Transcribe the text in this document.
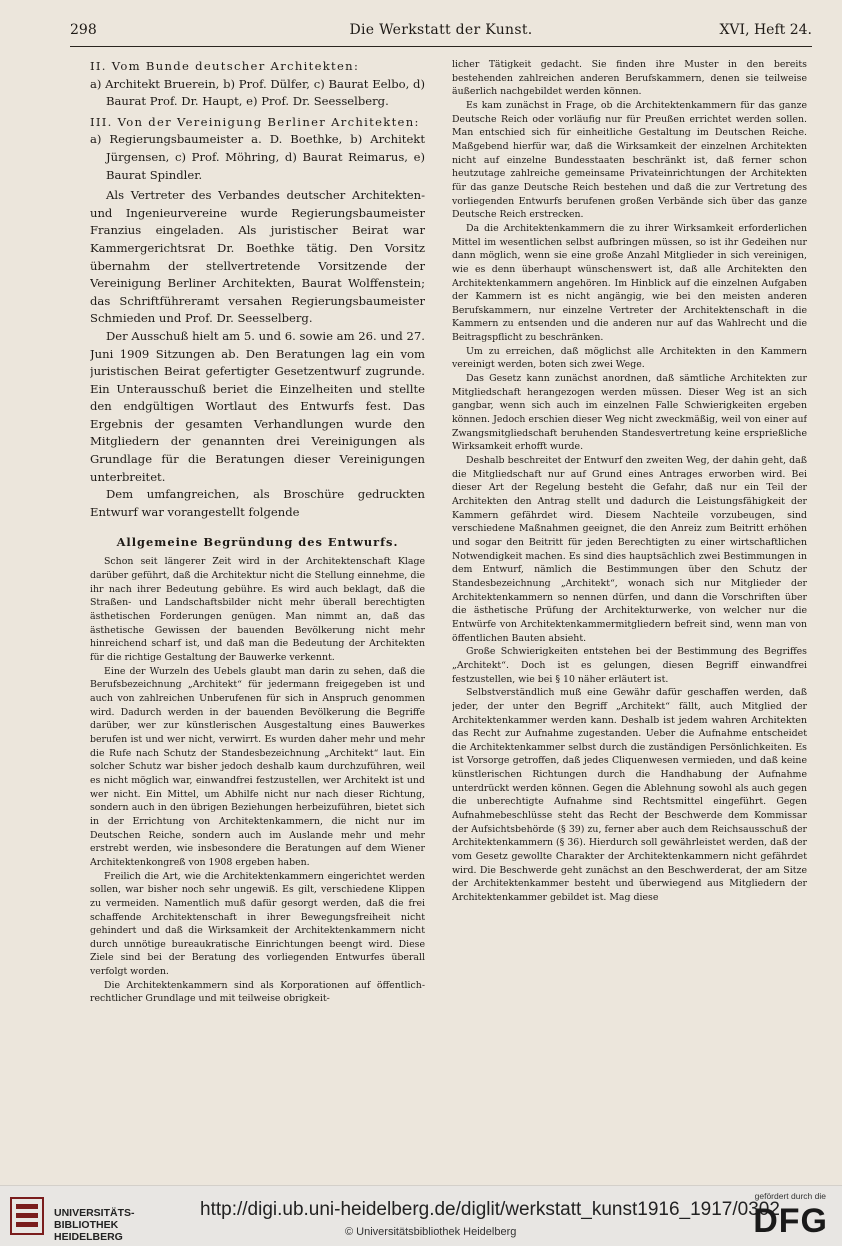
298	Die Werkstatt der Kunst.	XVI, Heft 24.

II. Vom Bunde deutscher Architekten:

a) Architekt Bruerein, b) Prof. Dülfer, c) Baurat Eelbo, d) Baurat Prof. Dr. Haupt, e) Prof. Dr. Seesselberg.

III. Von der Vereinigung Berliner Architekten:

a) Regierungsbaumeister a. D. Boethke, b) Architekt Jürgensen, c) Prof. Möhring, d) Baurat Reimarus, e) Baurat Spindler.

Als Vertreter des Verbandes deutscher Architekten- und Ingenieurvereine wurde Regierungsbaumeister Franzius eingeladen. Als juristischer Beirat war Kammergerichtsrat Dr. Boethke tätig. Den Vorsitz übernahm der stellvertretende Vorsitzende der Vereinigung Berliner Architekten, Baurat Wolffenstein; das Schriftführeramt versahen Regierungsbaumeister Schmieden und Prof. Dr. Seesselberg.

Der Ausschuß hielt am 5. und 6. sowie am 26. und 27. Juni 1909 Sitzungen ab. Den Beratungen lag ein vom juristischen Beirat gefertigter Gesetzentwurf zugrunde. Ein Unterausschuß beriet die Einzelheiten und stellte den endgültigen Wortlaut des Entwurfs fest. Das Ergebnis der gesamten Verhandlungen wurde den Mitgliedern der genannten drei Vereinigungen als Grundlage für die Beratungen dieser Vereinigungen unterbreitet.

Dem umfangreichen, als Broschüre gedruckten Entwurf war vorangestellt folgende

Allgemeine Begründung des Entwurfs.

Schon seit längerer Zeit wird in der Architektenschaft Klage darüber geführt, daß die Architektur nicht die Stellung einnehme, die ihr nach ihrer Bedeutung gebühre. Es wird auch beklagt, daß die Straßen- und Landschaftsbilder nicht mehr überall berechtigten ästhetischen Forderungen genügen. Man nimmt an, daß das ästhetische Gewissen der bauenden Bevölkerung nicht mehr hinreichend scharf ist, und daß man die Bedeutung der Architekten für die richtige Gestaltung der Bauwerke verkennt.

Eine der Wurzeln des Uebels glaubt man darin zu sehen, daß die Berufsbezeichnung „Architekt“ für jedermann freigegeben ist und auch von zahlreichen Unberufenen für sich in Anspruch genommen wird. Dadurch werden in der bauenden Bevölkerung die Begriffe darüber, wer zur künstlerischen Ausgestaltung eines Bauwerkes berufen ist und wer nicht, verwirrt. Es wurden daher mehr und mehr die Rufe nach Schutz der Standesbezeichnung „Architekt“ laut. Ein solcher Schutz war bisher jedoch deshalb kaum durchzuführen, weil es nicht möglich war, einwandfrei festzustellen, wer Architekt ist und wer nicht. Ein Mittel, um Abhilfe nicht nur nach dieser Richtung, sondern auch in den übrigen Beziehungen herbeizuführen, bietet sich in der Errichtung von Architektenkammern, die nicht nur im Deutschen Reiche, sondern auch im Auslande mehr und mehr erstrebt werden, wie insbesondere die Beratungen auf dem Wiener Architektenkongreß von 1908 ergeben haben.

Freilich die Art, wie die Architektenkammern eingerichtet werden sollen, war bisher noch sehr ungewiß. Es gilt, verschiedene Klippen zu vermeiden. Namentlich muß dafür gesorgt werden, daß die frei schaffende Architektenschaft in ihrer Bewegungsfreiheit nicht gehindert und daß die Wirksamkeit der Architektenkammern nicht durch unnötige bureaukratische Einrichtungen beengt wird. Diese Ziele sind bei der Beratung des vorliegenden Entwurfes überall verfolgt worden.

Die Architektenkammern sind als Korporationen auf öffentlich-rechtlicher Grundlage und mit teilweise obrigkeit-

licher Tätigkeit gedacht. Sie finden ihre Muster in den bereits bestehenden zahlreichen anderen Berufskammern, denen sie teilweise äußerlich nachgebildet werden können.

Es kam zunächst in Frage, ob die Architektenkammern für das ganze Deutsche Reich oder vorläufig nur für Preußen errichtet werden sollen. Man entschied sich für einheitliche Gestaltung im Deutschen Reiche. Maßgebend hierfür war, daß die Wirksamkeit der einzelnen Architekten nicht auf einzelne Bundesstaaten beschränkt ist, daß ferner schon heutzutage zahlreiche gemeinsame Privateinrichtungen der Architekten für das ganze Deutsche Reich bestehen und daß die zur Vertretung des vorliegenden Entwurfs berufenen großen Verbände sich über das ganze Deutsche Reich erstrecken.

Da die Architektenkammern die zu ihrer Wirksamkeit erforderlichen Mittel im wesentlichen selbst aufbringen müssen, so ist ihr Gedeihen nur dann möglich, wenn sie eine große Anzahl Mitglieder in sich vereinigen, wie es denn überhaupt wünschenswert ist, daß alle Architekten den Architektenkammern angehören. Im Hinblick auf die einzelnen Aufgaben der Kammern ist es nicht angängig, wie bei den meisten anderen Berufskammern, nur einzelne Vertreter der Architektenschaft in die Kammern zu entsenden und die anderen nur auf das Wahlrecht und die Beitragspflicht zu beschränken.

Um zu erreichen, daß möglichst alle Architekten in den Kammern vereinigt werden, boten sich zwei Wege.

Das Gesetz kann zunächst anordnen, daß sämtliche Architekten zur Mitgliedschaft herangezogen werden müssen. Dieser Weg ist an sich gangbar, wenn sich auch im einzelnen Falle Schwierigkeiten ergeben können. Jedoch erschien dieser Weg nicht zweckmäßig, weil von einer auf Zwangsmitgliedschaft beruhenden Standesvertretung keine ersprießliche Wirksamkeit erhofft wurde.

Deshalb beschreitet der Entwurf den zweiten Weg, der dahin geht, daß die Mitgliedschaft nur auf Grund eines Antrages erworben wird. Bei dieser Art der Regelung besteht die Gefahr, daß nur ein Teil der Architekten den Antrag stellt und dadurch die Leistungsfähigkeit der Kammern gefährdet wird. Diesem Nachteile vorzubeugen, sind verschiedene Maßnahmen geeignet, die den Anreiz zum Beitritt erhöhen und sogar den Beitritt für jeden Berechtigten zu einer wirtschaftlichen Notwendigkeit machen. Es sind dies hauptsächlich zwei Bestimmungen in dem Entwurf, nämlich die Bestimmungen über den Schutz der Standesbezeichnung „Architekt“, wonach sich nur Mitglieder der Architektenkammern so nennen dürfen, und dann die Vorschriften über die ästhetische Prüfung der Architekturwerke, von welcher nur die Entwürfe von Architektenkammermitgliedern befreit sind, wenn man von öffentlichen Bauten absieht.

Große Schwierigkeiten entstehen bei der Bestimmung des Begriffes „Architekt“. Doch ist es gelungen, diesen Begriff einwandfrei festzustellen, wie bei § 10 näher erläutert ist.

Selbstverständlich muß eine Gewähr dafür geschaffen werden, daß jeder, der unter den Begriff „Architekt“ fällt, auch Mitglied der Architektenkammer werden kann. Deshalb ist jedem wahren Architekten das Recht zur Aufnahme zugestanden. Ueber die Aufnahme entscheidet die Architektenkammer selbst durch die zuständigen Persönlichkeiten. Es ist Vorsorge getroffen, daß jedes Cliquenwesen vermieden, und daß keine künstlerischen Richtungen durch die Handhabung der Aufnahme unterdrückt werden können. Gegen die Ablehnung sowohl als auch gegen die unberechtigte Aufnahme sind Rechtsmittel eingeführt. Gegen Aufnahmebeschlüsse steht das Recht der Beschwerde dem Kommissar der Aufsichtsbehörde (§ 39) zu, ferner aber auch dem Reichsausschuß der Architektenkammern (§ 36). Hierdurch soll gewährleistet werden, daß der vom Gesetz gewollte Charakter der Architektenkammern nicht gefährdet wird. Die Beschwerde geht zunächst an den Beschwerderat, der am Sitze der Architektenkammer besteht und überwiegend aus Mitgliedern der Architektenkammer gebildet ist. Mag diese

UNIVERSITÄTS-
BIBLIOTHEK
HEIDELBERG
http://digi.ub.uni-heidelberg.de/diglit/werkstatt_kunst1916_1917/0302
© Universitätsbibliothek Heidelberg
gefördert durch die
DFG
